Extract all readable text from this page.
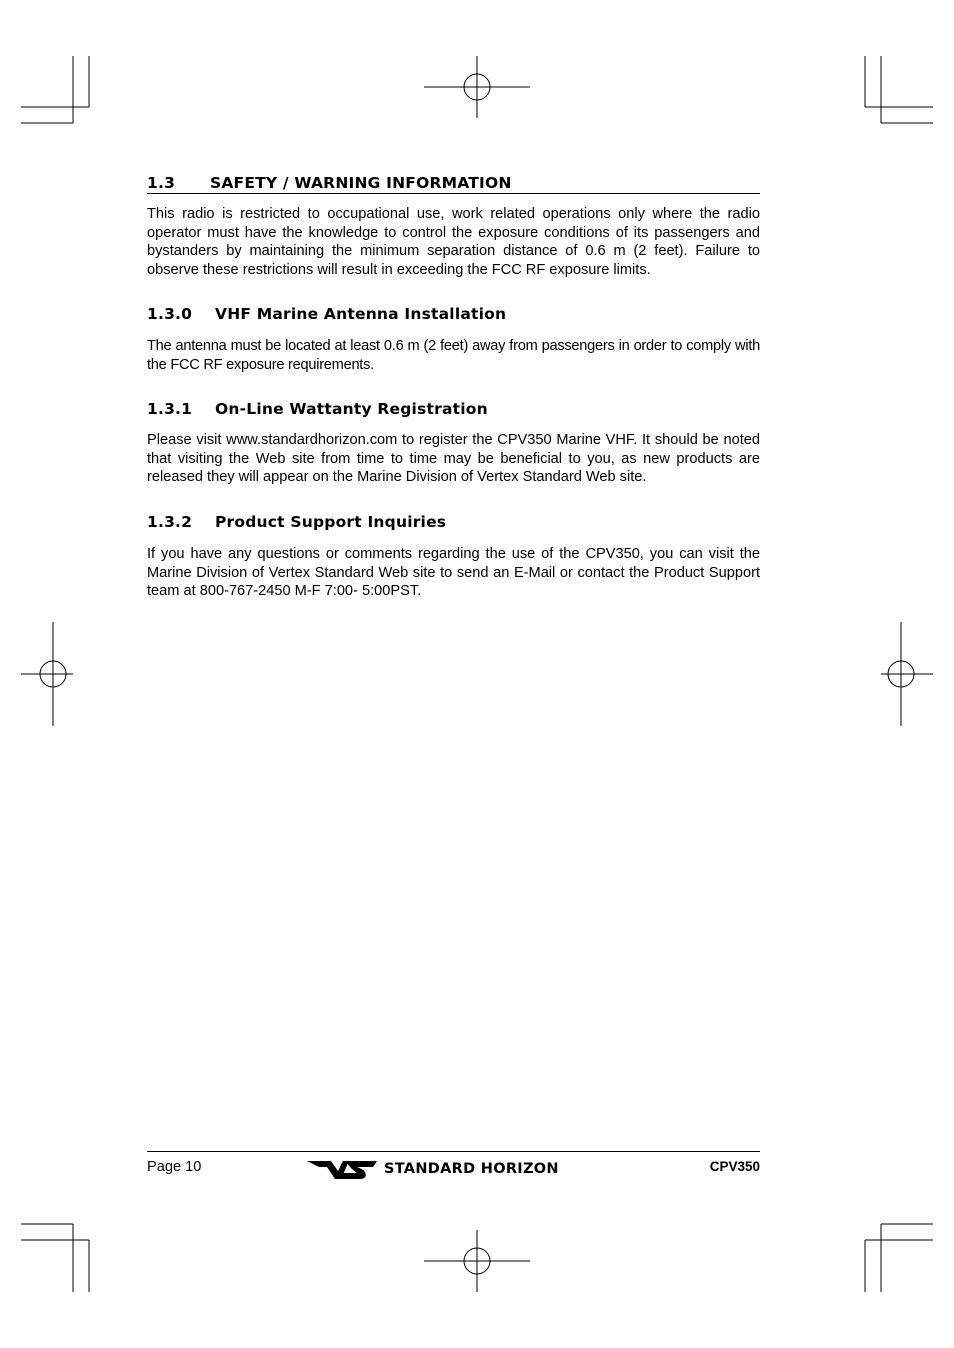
1.3 SAFETY / WARNING INFORMATION
This radio is restricted to occupational use, work related operations only where the radio operator must have the knowledge to control the exposure conditions of its passengers and bystanders by maintaining the minimum separation distance of 0.6 m (2 feet). Failure to observe these restrictions will result in exceeding the FCC RF exposure limits.
1.3.0 VHF Marine Antenna Installation
The antenna must be located at least 0.6 m (2 feet) away from passengers in order to comply with the FCC RF exposure requirements.
1.3.1 On-Line Wattanty Registration
Please visit www.standardhorizon.com to register the CPV350 Marine VHF. It should be noted that visiting the Web site from time to time may be beneficial to you, as new products are released they will appear on the Marine Division of Vertex Standard Web site.
1.3.2 Product Support Inquiries
If you have any questions or comments regarding the use of the CPV350, you can visit the Marine Division of Vertex Standard Web site to send an E-Mail or contact the Product Support team at 800-767-2450 M-F 7:00- 5:00PST.
Page 10	STANDARD HORIZON	CPV350
